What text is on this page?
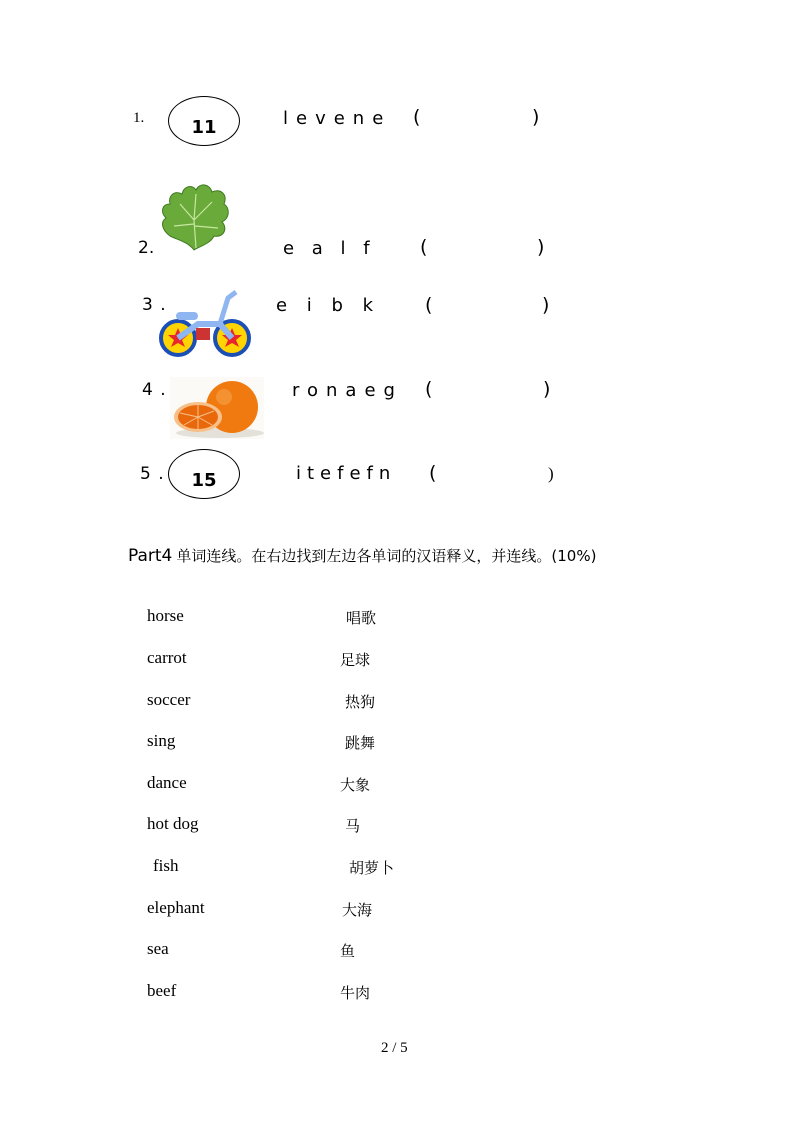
1.	11	levene (	)
2.	e a l f (	)
3 .	e i b k (	)
4 .	ronaeg (	)
5 .	15	itefefn (	)
Part4 单词连线。在右边找到左边各单词的汉语释义，并连线。(10%)
horse	唱歌
carrot	足球
soccer	热狗
sing	跳舞
dance	大象
hot dog	马
fish	胡萝卜
elephant	大海
sea	鱼
beef	牛肉
2 / 5
